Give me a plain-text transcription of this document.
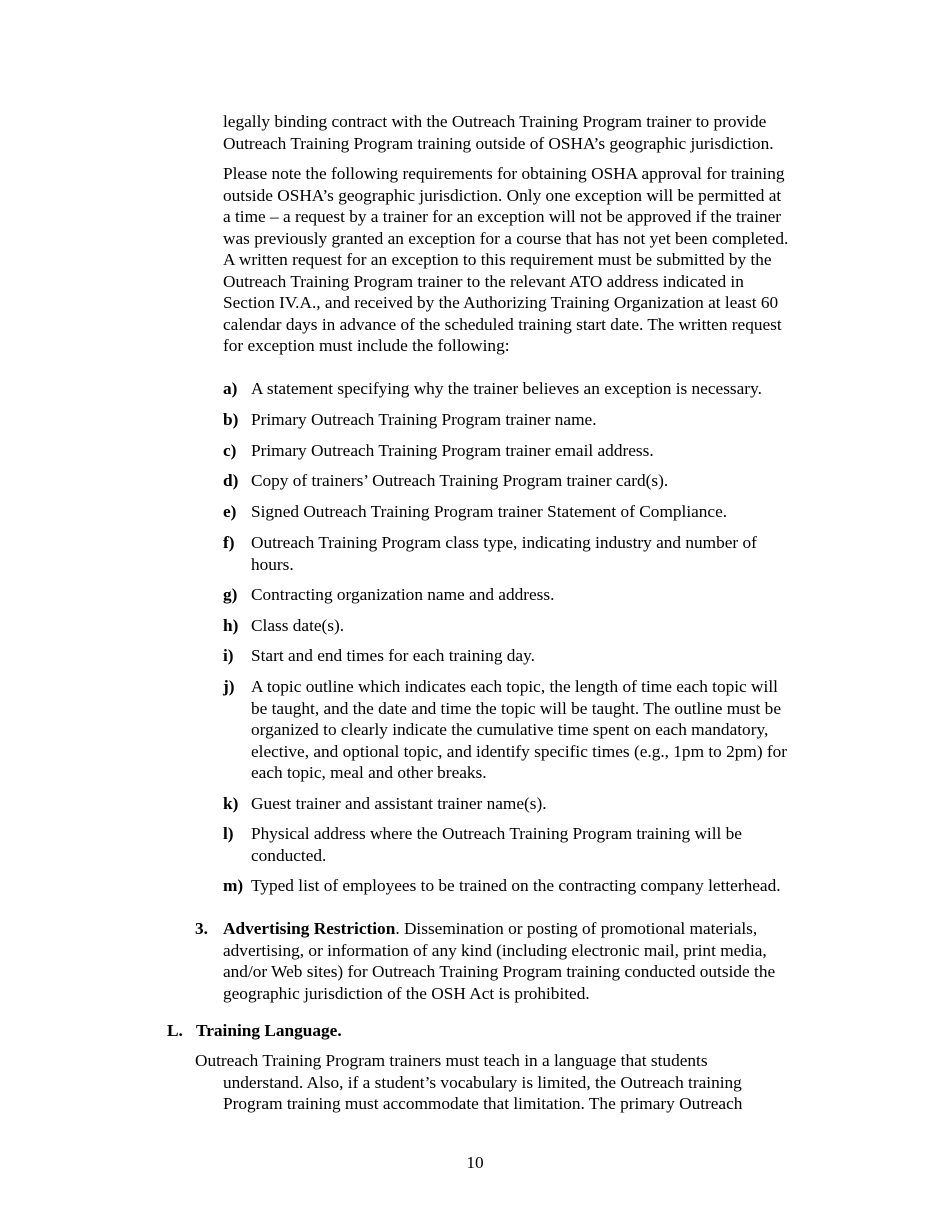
legally binding contract with the Outreach Training Program trainer to provide
Outreach Training Program training outside of OSHA’s geographic jurisdiction.

Please note the following requirements for obtaining OSHA approval for training
outside OSHA’s geographic jurisdiction. Only one exception will be permitted at
a time – a request by a trainer for an exception will not be approved if the trainer
was previously granted an exception for a course that has not yet been completed.
A written request for an exception to this requirement must be submitted by the
Outreach Training Program trainer to the relevant ATO address indicated in
Section IV.A., and received by the Authorizing Training Organization at least 60
calendar days in advance of the scheduled training start date. The written request
for exception must include the following:

a) A statement specifying why the trainer believes an exception is necessary.
b) Primary Outreach Training Program trainer name.
c) Primary Outreach Training Program trainer email address.
d) Copy of trainers’ Outreach Training Program trainer card(s).
e) Signed Outreach Training Program trainer Statement of Compliance.
f) Outreach Training Program class type, indicating industry and number of
hours.
g) Contracting organization name and address.
h) Class date(s).
i) Start and end times for each training day.
j) A topic outline which indicates each topic, the length of time each topic will
be taught, and the date and time the topic will be taught. The outline must be
organized to clearly indicate the cumulative time spent on each mandatory,
elective, and optional topic, and identify specific times (e.g., 1pm to 2pm) for
each topic, meal and other breaks.
k) Guest trainer and assistant trainer name(s).
l) Physical address where the Outreach Training Program training will be
conducted.
m) Typed list of employees to be trained on the contracting company letterhead.
3. Advertising Restriction. Dissemination or posting of promotional materials,
advertising, or information of any kind (including electronic mail, print media,
and/or Web sites) for Outreach Training Program training conducted outside the
geographic jurisdiction of the OSH Act is prohibited.
L. Training Language.
Outreach Training Program trainers must teach in a language that students
understand. Also, if a student’s vocabulary is limited, the Outreach training
Program training must accommodate that limitation. The primary Outreach
10
